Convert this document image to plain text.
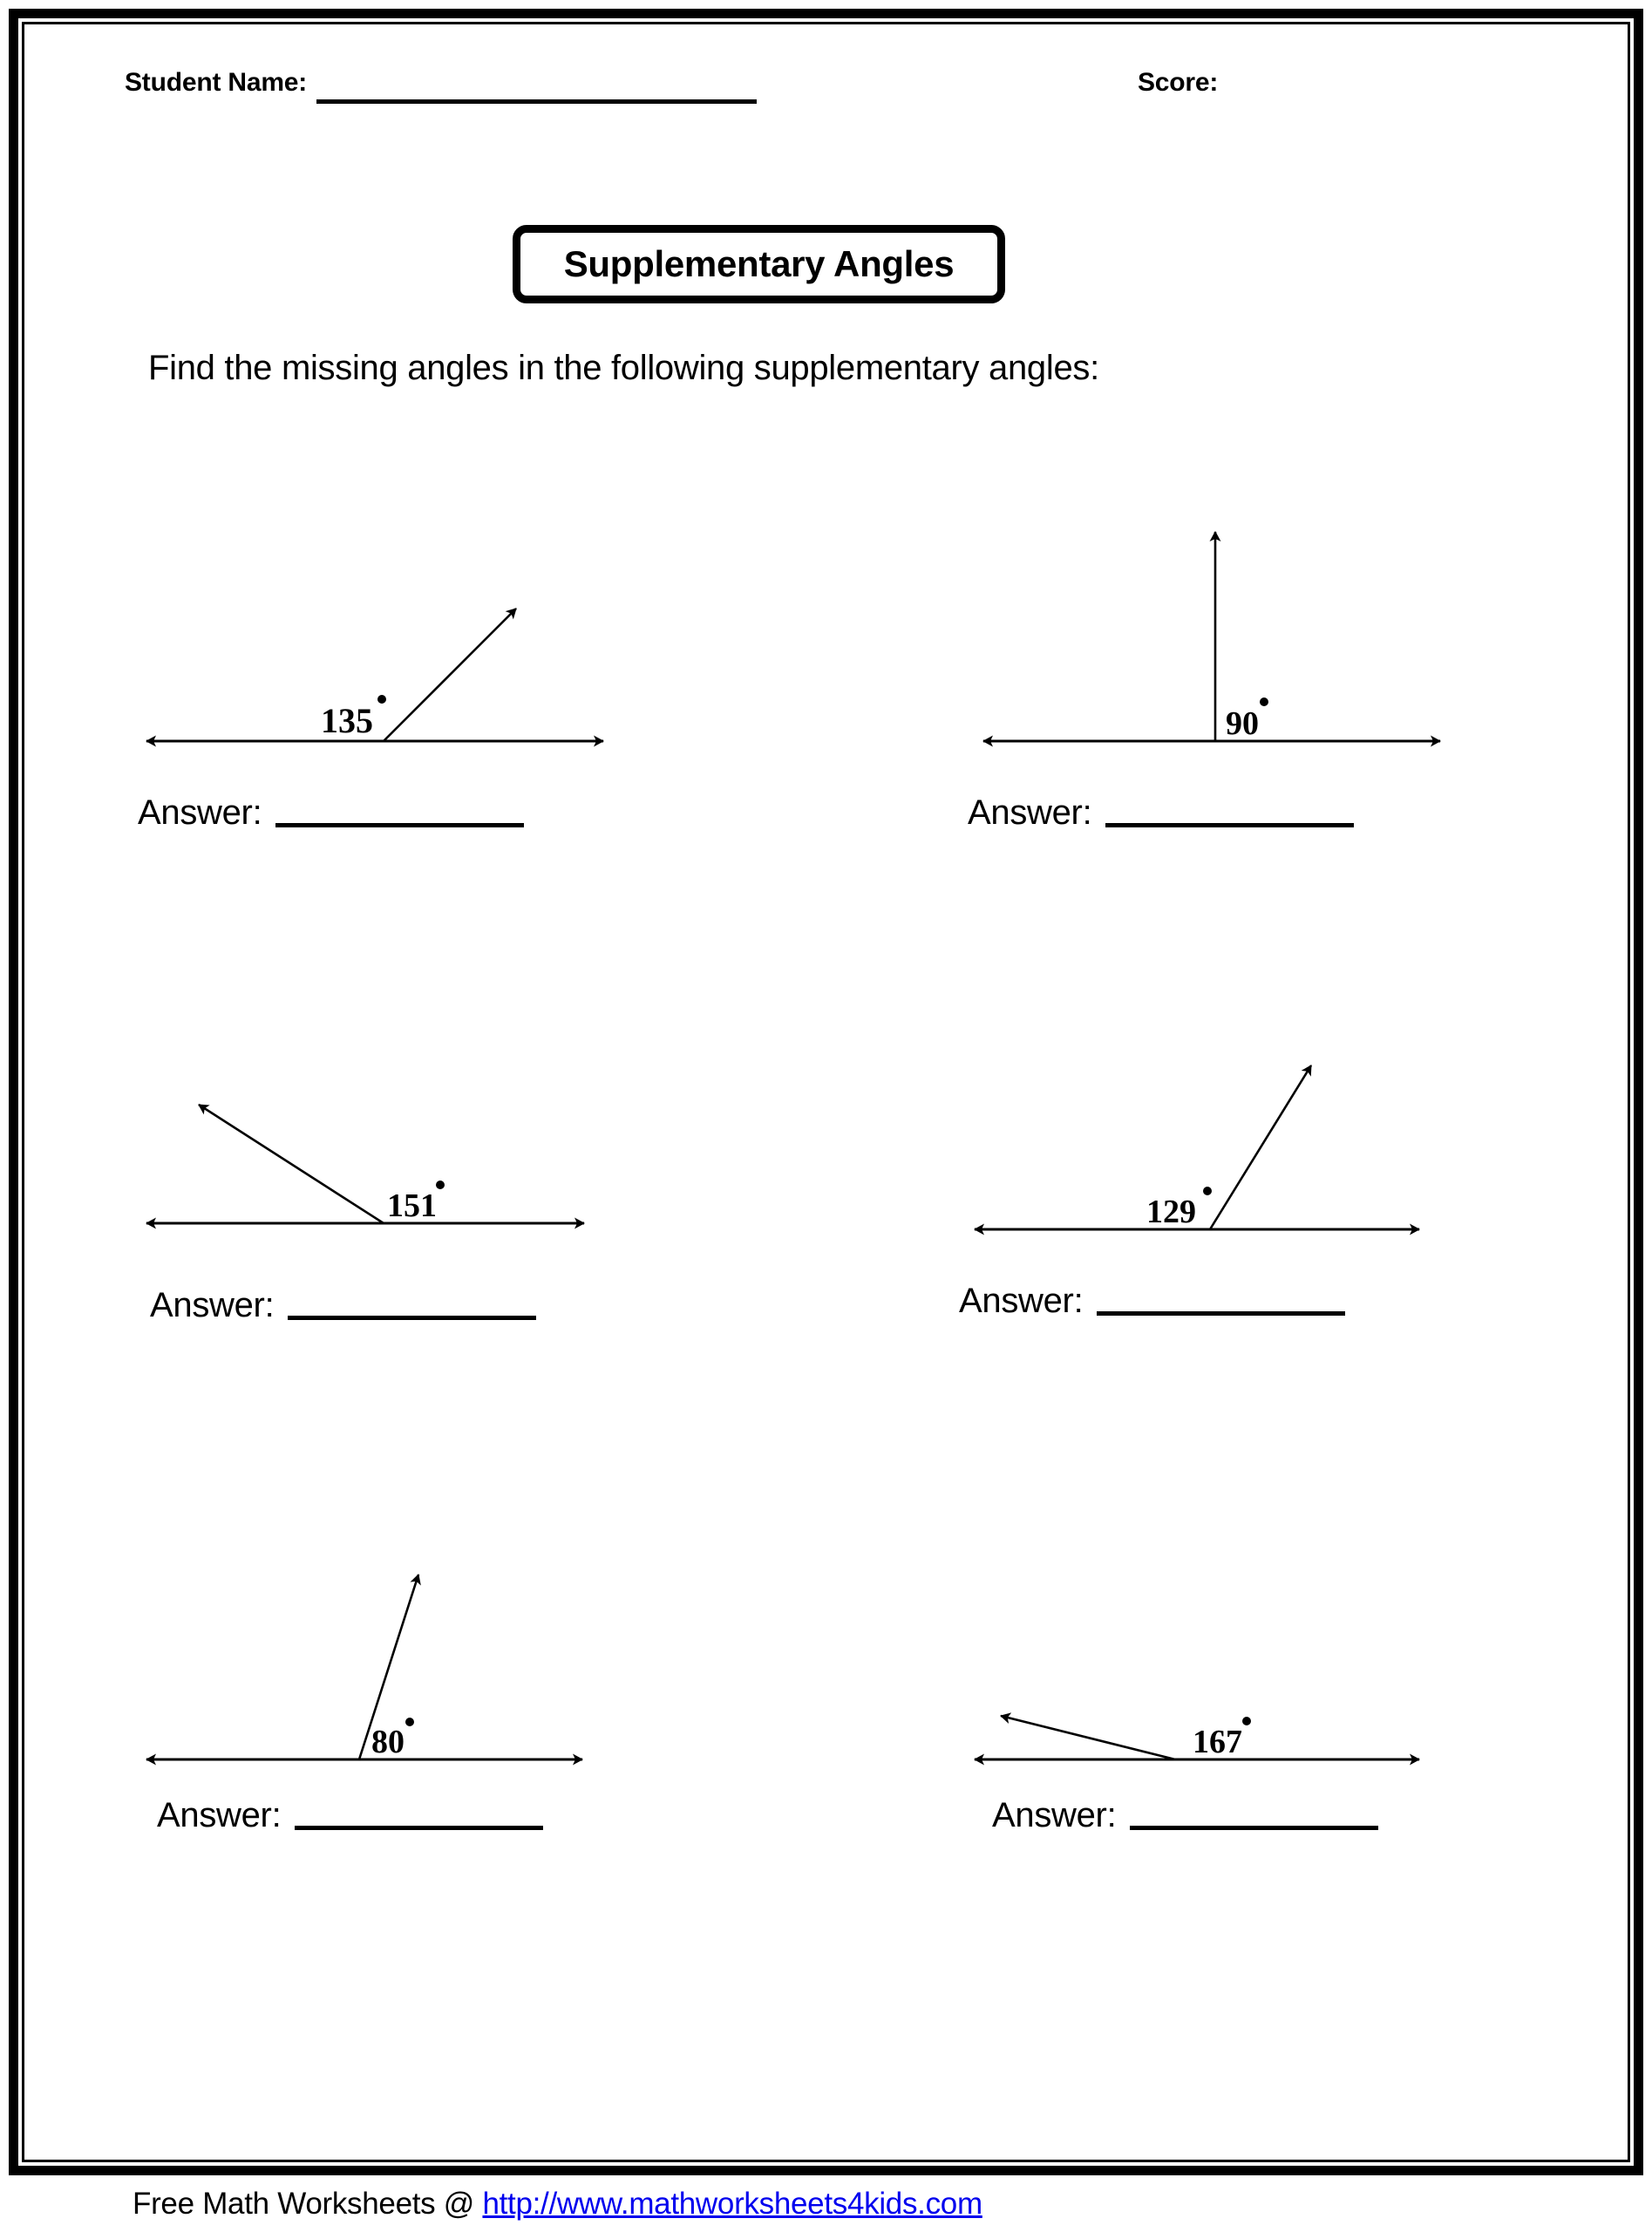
Student Name:	Score:
Supplementary Angles
Find the missing angles in the following supplementary angles:
135
Answer:
90
Answer:
151
Answer:
129
Answer:
80
Answer:
167
Answer:
Free Math Worksheets @ http://www.mathworksheets4kids.com
